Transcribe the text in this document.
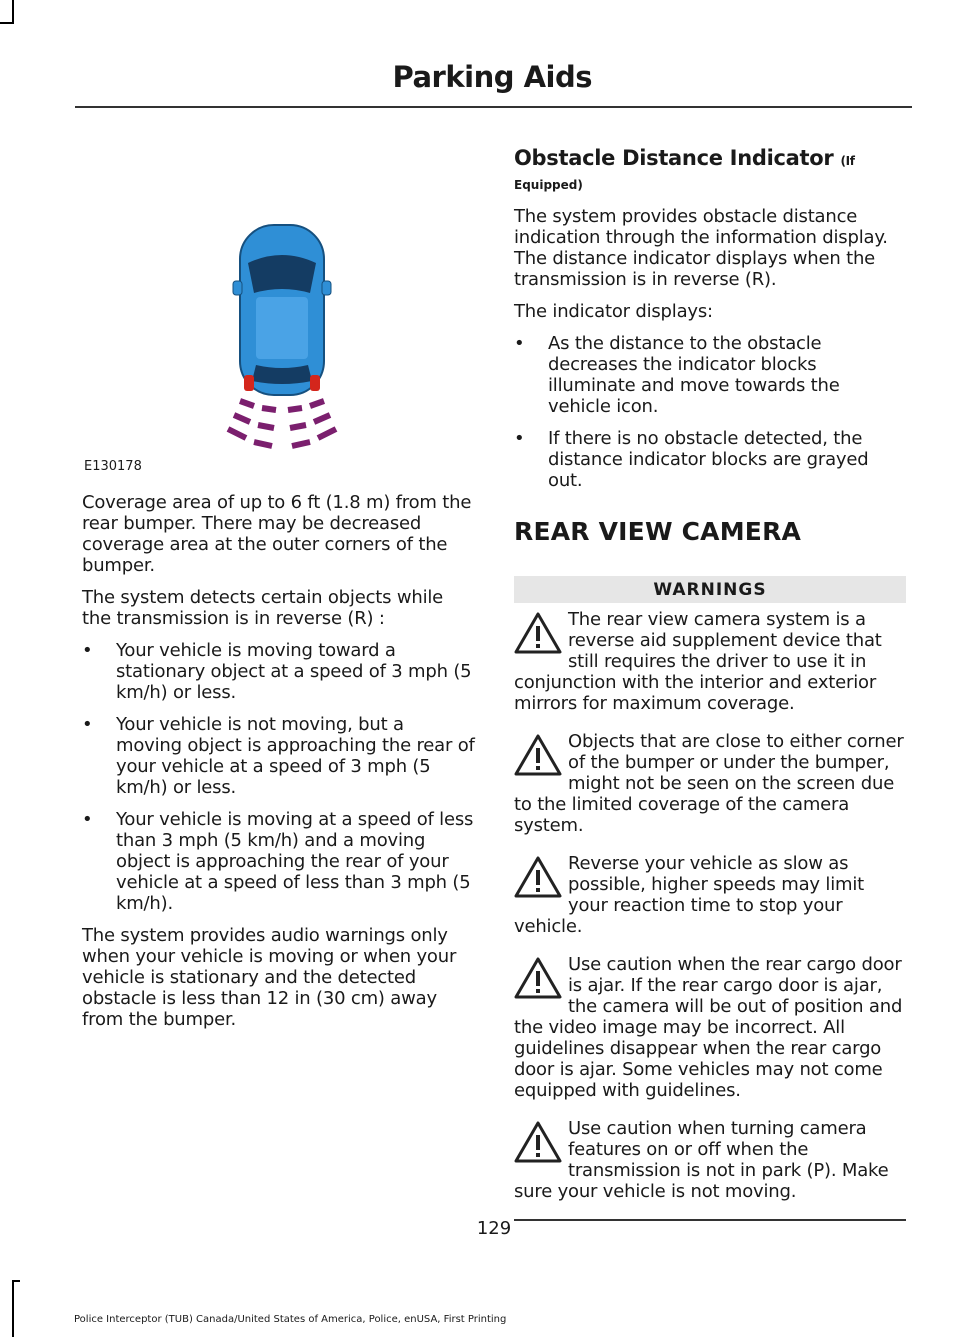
Parking Aids
E130178

Coverage area of up to 6 ft (1.8 m) from the rear bumper. There may be decreased coverage area at the outer corners of the bumper.

The system detects certain objects while the transmission is in reverse (R) :

• Your vehicle is moving toward a stationary object at a speed of 3 mph (5 km/h) or less.
• Your vehicle is not moving, but a moving object is approaching the rear of your vehicle at a speed of 3 mph (5 km/h) or less.
• Your vehicle is moving at a speed of less than 3 mph (5 km/h) and a moving object is approaching the rear of your vehicle at a speed of less than 3 mph (5 km/h).

The system provides audio warnings only when your vehicle is moving or when your vehicle is stationary and the detected obstacle is less than 12 in (30 cm) away from the bumper.

Obstacle Distance Indicator (If
Equipped)

The system provides obstacle distance indication through the information display. The distance indicator displays when the transmission is in reverse (R).

The indicator displays:

• As the distance to the obstacle decreases the indicator blocks illuminate and move towards the vehicle icon.
• If there is no obstacle detected, the distance indicator blocks are grayed out.
REAR VIEW CAMERA
WARNINGS

The rear view camera system is a reverse aid supplement device that still requires the driver to use it in conjunction with the interior and exterior mirrors for maximum coverage.

Objects that are close to either corner of the bumper or under the bumper, might not be seen on the screen due to the limited coverage of the camera system.

Reverse your vehicle as slow as possible, higher speeds may limit your reaction time to stop your vehicle.

Use caution when the rear cargo door is ajar. If the rear cargo door is ajar, the camera will be out of position and the video image may be incorrect. All guidelines disappear when the rear cargo door is ajar. Some vehicles may not come equipped with guidelines.

Use caution when turning camera features on or off when the transmission is not in park (P). Make sure your vehicle is not moving.

129
Police Interceptor (TUB) Canada/United States of America, Police, enUSA, First Printing
